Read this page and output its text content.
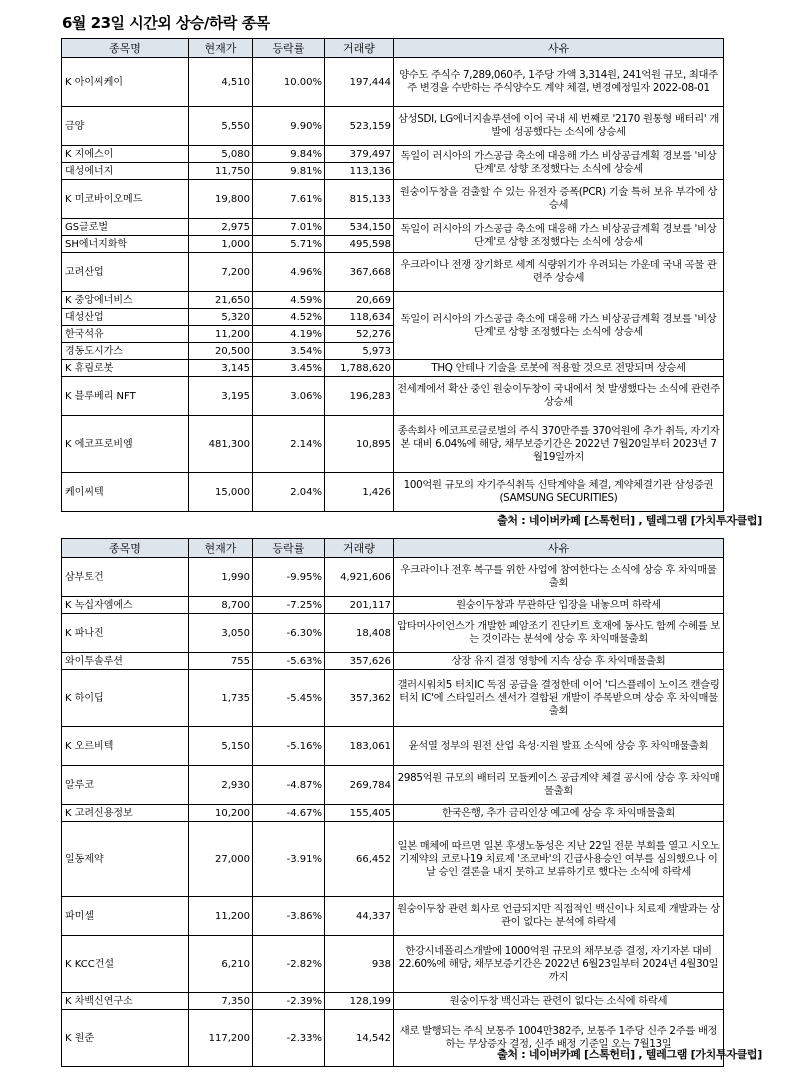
6월 23일 시간외 상승/하락 종목
종목명	현재가	등락률	거래량	사유
K 아이씨케이	4,510	10.00%	197,444	양수도 주식수 7,289,060주, 1주당 가액 3,314원, 241억원 규모, 최대주주 변경을 수반하는 주식양수도 계약 체결, 변경예정일자 2022-08-01
금양	5,550	9.90%	523,159	삼성SDI, LG에너지솔루션에 이어 국내 세 번째로 '2170 원통형 배터리' 개발에 성공했다는 소식에 상승세
K 지에스이	5,080	9.84%	379,497	독일이 러시아의 가스공급 축소에 대응해 가스 비상공급계획 경보를 '비상 단계'로 상향 조정했다는 소식에 상승세
대성에너지	11,750	9.81%	113,136	
K 미코바이오메드	19,800	7.61%	815,133	원숭이두창을 검출할 수 있는 유전자 증폭(PCR) 기술 특허 보유 부각에 상승세
GS글로벌	2,975	7.01%	534,150	독일이 러시아의 가스공급 축소에 대응해 가스 비상공급계획 경보를 '비상 단계'로 상향 조정했다는 소식에 상승세
SH에너지화학	1,000	5.71%	495,598	
고려산업	7,200	4.96%	367,668	우크라이나 전쟁 장기화로 세계 식량위기가 우려되는 가운데 국내 곡물 관련주 상승세
K 중앙에너비스	21,650	4.59%	20,669	독일이 러시아의 가스공급 축소에 대응해 가스 비상공급계획 경보를 '비상 단계'로 상향 조정했다는 소식에 상승세
대성산업	5,320	4.52%	118,634	
한국석유	11,200	4.19%	52,276	
경동도시가스	20,500	3.54%	5,973	
K 휴림로봇	3,145	3.45%	1,788,620	THQ 안테나 기술을 로봇에 적용할 것으로 전망되며 상승세
K 블루베리 NFT	3,195	3.06%	196,283	전세계에서 확산 중인 원숭이두창이 국내에서 첫 발생했다는 소식에 관련주 상승세
K 에코프로비엠	481,300	2.14%	10,895	종속회사 에코프로글로벌의 주식 370만주를 370억원에 추가 취득, 자기자본 대비 6.04%에 해당, 채무보증기간은 2022년 7월20일부터 2023년 7월19일까지
케이씨텍	15,000	2.04%	1,426	100억원 규모의 자기주식취득 신탁계약을 체결, 계약체결기관 삼성증권(SAMSUNG SECURITIES)
출처 : 네이버카페 [스톡헌터] , 텔레그램 [가치투자클럽]
종목명	현재가	등락률	거래량	사유
삼부토건	1,990	-9.95%	4,921,606	우크라이나 전후 복구를 위한 사업에 참여한다는 소식에 상승 후 차익매물출회
K 녹십자엠에스	8,700	-7.25%	201,117	원숭이두창과 무관하단 입장을 내놓으며 하락세
K 파나진	3,050	-6.30%	18,408	압타머사이언스가 개발한 폐암조기 진단키트 호재에 동사도 함께 수혜를 보는 것이라는 분석에 상승 후 차익매물출회
와이투솔루션	755	-5.63%	357,626	상장 유지 결정 영향에 지속 상승 후 차익매물출회
K 하이딥	1,735	-5.45%	357,362	갤러시워치5 터치IC 독점 공급을 결정한데 이어 '디스플레이 노이즈 캔슬링 터치 IC'에 스타일러스 센서가 결합된 개발이 주목받으며 상승 후 차익매물출회
K 오르비텍	5,150	-5.16%	183,061	윤석열 정부의 원전 산업 육성·지원 발표 소식에 상승 후 차익매물출회
알루코	2,930	-4.87%	269,784	2985억원 규모의 배터리 모듈케이스 공급계약 체결 공시에 상승 후 차익매물출회
K 고려신용정보	10,200	-4.67%	155,405	한국은행, 추가 금리인상 예고에 상승 후 차익매물출회
일동제약	27,000	-3.91%	66,452	일본 매체에 따르면 일본 후생노동성은 지난 22일 전문 부회를 열고 시오노기제약의 코로나19 치료제 '조코바'의 긴급사용승인 여부를 심의했으나 이날 승인 결론을 내지 못하고 보류하기로 했다는 소식에 하락세
파미셀	11,200	-3.86%	44,337	원숭이두창 관련 회사로 언급되지만 직접적인 백신이나 치료제 개발과는 상관이 없다는 분석에 하락세
K KCC건설	6,210	-2.82%	938	한강시네폴리스개발에 1000억원 규모의 채무보증 결정, 자기자본 대비 22.60%에 해당, 채무보증기간은 2022년 6월23일부터 2024년 4월30일까지
K 차백신연구소	7,350	-2.39%	128,199	원숭이두창 백신과는 관련이 없다는 소식에 하락세
K 원준	117,200	-2.33%	14,542	새로 발행되는 주식 보통주 1004만382주, 보통주 1주당 신주 2주를 배정하는 무상증자 결정, 신주 배정 기준일 오는 7월13일
출처 : 네이버카페 [스톡헌터] , 텔레그램 [가치투자클럽]
